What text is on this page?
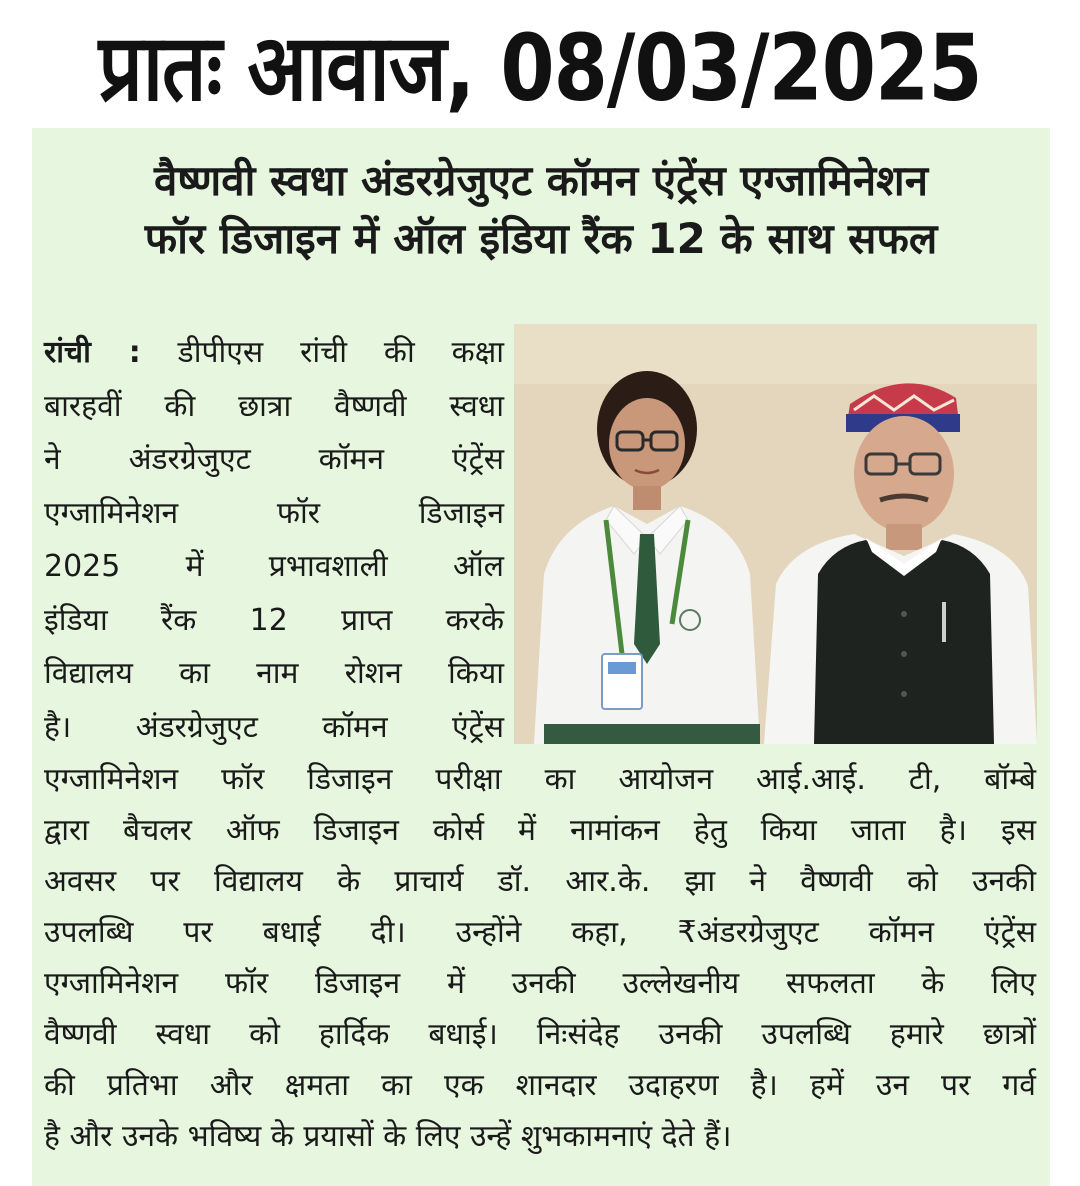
प्रातः आवाज, 08/03/2025
वैष्णवी स्वधा अंडरग्रेजुएट कॉमन एंट्रेंस एग्जामिनेशन
फॉर डिजाइन में ऑल इंडिया रैंक 12 के साथ सफल
रांची : डीपीएस रांची की कक्षा
बारहवीं की छात्रा वैष्णवी स्वधा
ने अंडरग्रेजुएट कॉमन एंट्रेंस
एग्जामिनेशन फॉर डिजाइन
2025 में प्रभावशाली ऑल
इंडिया रैंक 12 प्राप्त करके
विद्यालय का नाम रोशन किया
है। अंडरग्रेजुएट कॉमन एंट्रेंस
एग्जामिनेशन फॉर डिजाइन परीक्षा का आयोजन आई.आई. टी, बॉम्बे
द्वारा बैचलर ऑफ डिजाइन कोर्स में नामांकन हेतु किया जाता है। इस
अवसर पर विद्यालय के प्राचार्य डॉ. आर.के. झा ने वैष्णवी को उनकी
उपलब्धि पर बधाई दी। उन्होंने कहा, ₹अंडरग्रेजुएट कॉमन एंट्रेंस
एग्जामिनेशन फॉर डिजाइन में उनकी उल्लेखनीय सफलता के लिए
वैष्णवी स्वधा को हार्दिक बधाई। निःसंदेह उनकी उपलब्धि हमारे छात्रों
की प्रतिभा और क्षमता का एक शानदार उदाहरण है। हमें उन पर गर्व
है और उनके भविष्य के प्रयासों के लिए उन्हें शुभकामनाएं देते हैं।
